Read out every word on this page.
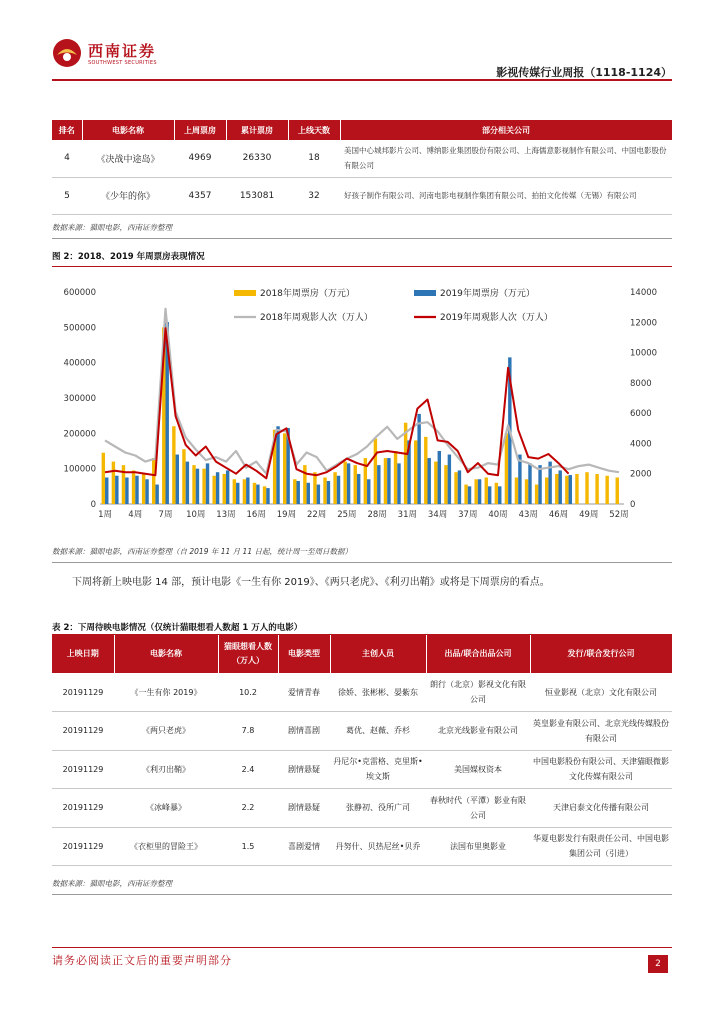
西南证券
SOUTHWEST SECURITIES
影视传媒行业周报（1118-1124）
排名	电影名称	上周票房	累计票房	上线天数	部分相关公司
4	《决战中途岛》	4969	26330	18	美国中心城邦影片公司、博纳影业集团股份有限公司、上海儒意影视制作有限公司、中国电影股份有限公司
5	《少年的你》	4357	153081	32	好孩子制作有限公司、河南电影电视制作集团有限公司、拍拍文化传媒（无锡）有限公司
数据来源：猫眼电影，西南证券整理
图 2：2018、2019 年周票房表现情况
0
100000
200000
300000
400000
500000
600000
0
2000
4000
6000
8000
10000
12000
14000
1周 4周 7周 10周 13周 16周 19周 22周 25周 28周 31周 34周 37周 40周 43周 46周 49周 52周
2018年周票房（万元）	2019年周票房（万元）
2018年周观影人次（万人）	2019年周观影人次（万人）
数据来源：猫眼电影，西南证券整理（自 2019 年 11 月 11 日起，统计周一至周日数据）
下周将新上映电影 14 部，预计电影《一生有你 2019》、《两只老虎》、《利刃出鞘》或将是下周票房的看点。
表 2：下周待映电影情况（仅统计猫眼想看人数超 1 万人的电影）
上映日期	电影名称	猫眼想看人数（万人）	电影类型	主创人员	出品/联合出品公司	发行/联合发行公司
20191129	《一生有你 2019》	10.2	爱情青春	徐娇、张彬彬、晏紫东	朗行（北京）影视文化有限公司	恒业影视（北京）文化有限公司
20191129	《两只老虎》	7.8	剧情喜剧	葛优、赵薇、乔杉	北京光线影业有限公司	英皇影业有限公司、北京光线传媒股份有限公司
20191129	《利刃出鞘》	2.4	剧情悬疑	丹尼尔•克雷格、克里斯•埃文斯	美国媒权资本	中国电影股份有限公司、天津猫眼微影文化传媒有限公司
20191129	《冰峰暴》	2.2	剧情悬疑	张静初、役所广司	春秋时代（平潭）影业有限公司	天津启泰文化传播有限公司
20191129	《衣柜里的冒险王》	1.5	喜剧爱情	丹努什、贝热尼丝•贝乔	法国布里奥影业	华夏电影发行有限责任公司、中国电影集团公司（引进）
数据来源：猫眼电影，西南证券整理
请务必阅读正文后的重要声明部分	2
